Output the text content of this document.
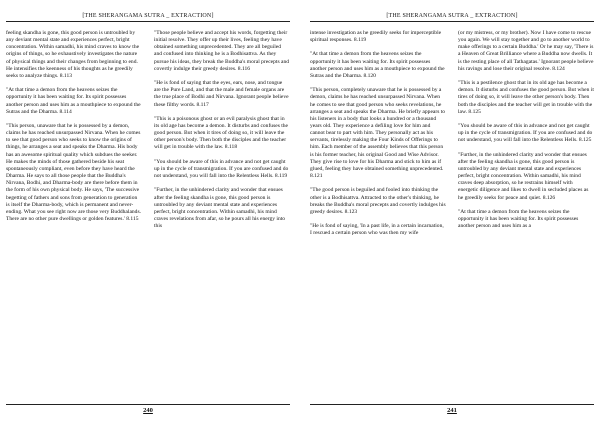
[THE SHERANGAMA SUTRA _ EXTRACTION]

feeling skandha is gone, this good person is untroubled by any deviant mental state and experiences perfect, bright concentration. Within samadhi, his mind craves to know the origins of things, so he exhaustively investigates the nature of physical things and their changes from beginning to end. He intensifies the keenness of his thoughts as he greedily seeks to analyze things. 8.113

"At that time a demon from the heavens seizes the opportunity it has been waiting for. Its spirit possesses another person and uses him as a mouthpiece to expound the Sutras and the Dharma. 8.114

"This person, unaware that he is possessed by a demon, claims he has reached unsurpassed Nirvana. When he comes to see that good person who seeks to know the origins of things, he arranges a seat and speaks the Dharma. His body has an awesome spiritual quality which subdues the seeker. He makes the minds of those gathered beside his seat spontaneously compliant, even before they have heard the Dharma. He says to all those people that the Buddha's Nirvana, Bodhi, and Dharma-body are there before them in the form of his own physical body. He says, 'The successive begetting of fathers and sons from generation to generation is itself the Dharma-body, which is permanent and never-ending. What you see right now are those very Buddhalands. There are no other pure dwellings or golden features.' 8.115

"Those people believe and accept his words, forgetting their initial resolve. They offer up their lives, feeling they have obtained something unprecedented. They are all beguiled and confused into thinking he is a Bodhisattva. As they pursue his ideas, they break the Buddha's moral precepts and covertly indulge their greedy desires. 8.116

"He is fond of saying that the eyes, ears, nose, and tongue are the Pure Land, and that the male and female organs are the true place of Bodhi and Nirvana. Ignorant people believe these filthy words. 8.117

"This is a poisonous ghost or an evil paralysis ghost that in its old age has become a demon. It disturbs and confuses the good person. But when it tires of doing so, it will leave the other person's body. Then both the disciples and the teacher will get in trouble with the law. 8.118

"You should be aware of this in advance and not get caught up in the cycle of transmigration. If you are confused and do not understand, you will fall into the Relentless Hells. 8.119

"Further, in the unhindered clarity and wonder that ensues after the feeling skandha is gone, this good person is untroubled by any deviant mental state and experiences perfect, bright concentration. Within samadhi, his mind craves revelations from afar, so he pours all his energy into this

240
[THE SHERANGAMA SUTRA _ EXTRACTION]

intense investigation as he greedily seeks for imperceptible spiritual responses. 8.119

"At that time a demon from the heavens seizes the opportunity it has been waiting for. Its spirit possesses another person and uses him as a mouthpiece to expound the Sutras and the Dharma. 8.120

"This person, completely unaware that he is possessed by a demon, claims he has reached unsurpassed Nirvana. When he comes to see that good person who seeks revelations, he arranges a seat and speaks the Dharma. He briefly appears to his listeners in a body that looks a hundred or a thousand years old. They experience a defiling love for him and cannot bear to part with him. They personally act as his servants, tirelessly making the Four Kinds of Offerings to him. Each member of the assembly believes that this person is his former teacher, his original Good and Wise Advisor. They give rise to love for his Dharma and stick to him as if glued, feeling they have obtained something unprecedented. 8.121

"The good person is beguiled and fooled into thinking the other is a Bodhisattva. Attracted to the other's thinking, he breaks the Buddha's moral precepts and covertly indulges his greedy desires. 8.123

"He is fond of saying, 'In a past life, in a certain incarnation, I rescued a certain person who was then my wife

(or my mistress, or my brother). Now I have come to rescue you again. We will stay together and go to another world to make offerings to a certain Buddha.' Or he may say, 'There is a Heaven of Great Brilliance where a Buddha now dwells. It is the resting place of all Tathagatas.' Ignorant people believe his ravings and lose their original resolve. 8.124

"This is a pestilence ghost that in its old age has become a demon. It disturbs and confuses the good person. But when it tires of doing so, it will leave the other person's body. Then both the disciples and the teacher will get in trouble with the law. 8.125

"You should be aware of this in advance and not get caught up in the cycle of transmigration. If you are confused and do not understand, you will fall into the Relentless Hells. 8.125

"Further, in the unhindered clarity and wonder that ensues after the feeling skandha is gone, this good person is untroubled by any deviant mental state and experiences perfect, bright concentration. Within samadhi, his mind craves deep absorption, so he restrains himself with energetic diligence and likes to dwell in secluded places as he greedily seeks for peace and quiet. 8.126

"At that time a demon from the heavens seizes the opportunity it has been waiting for. Its spirit possesses another person and uses him as a

241
